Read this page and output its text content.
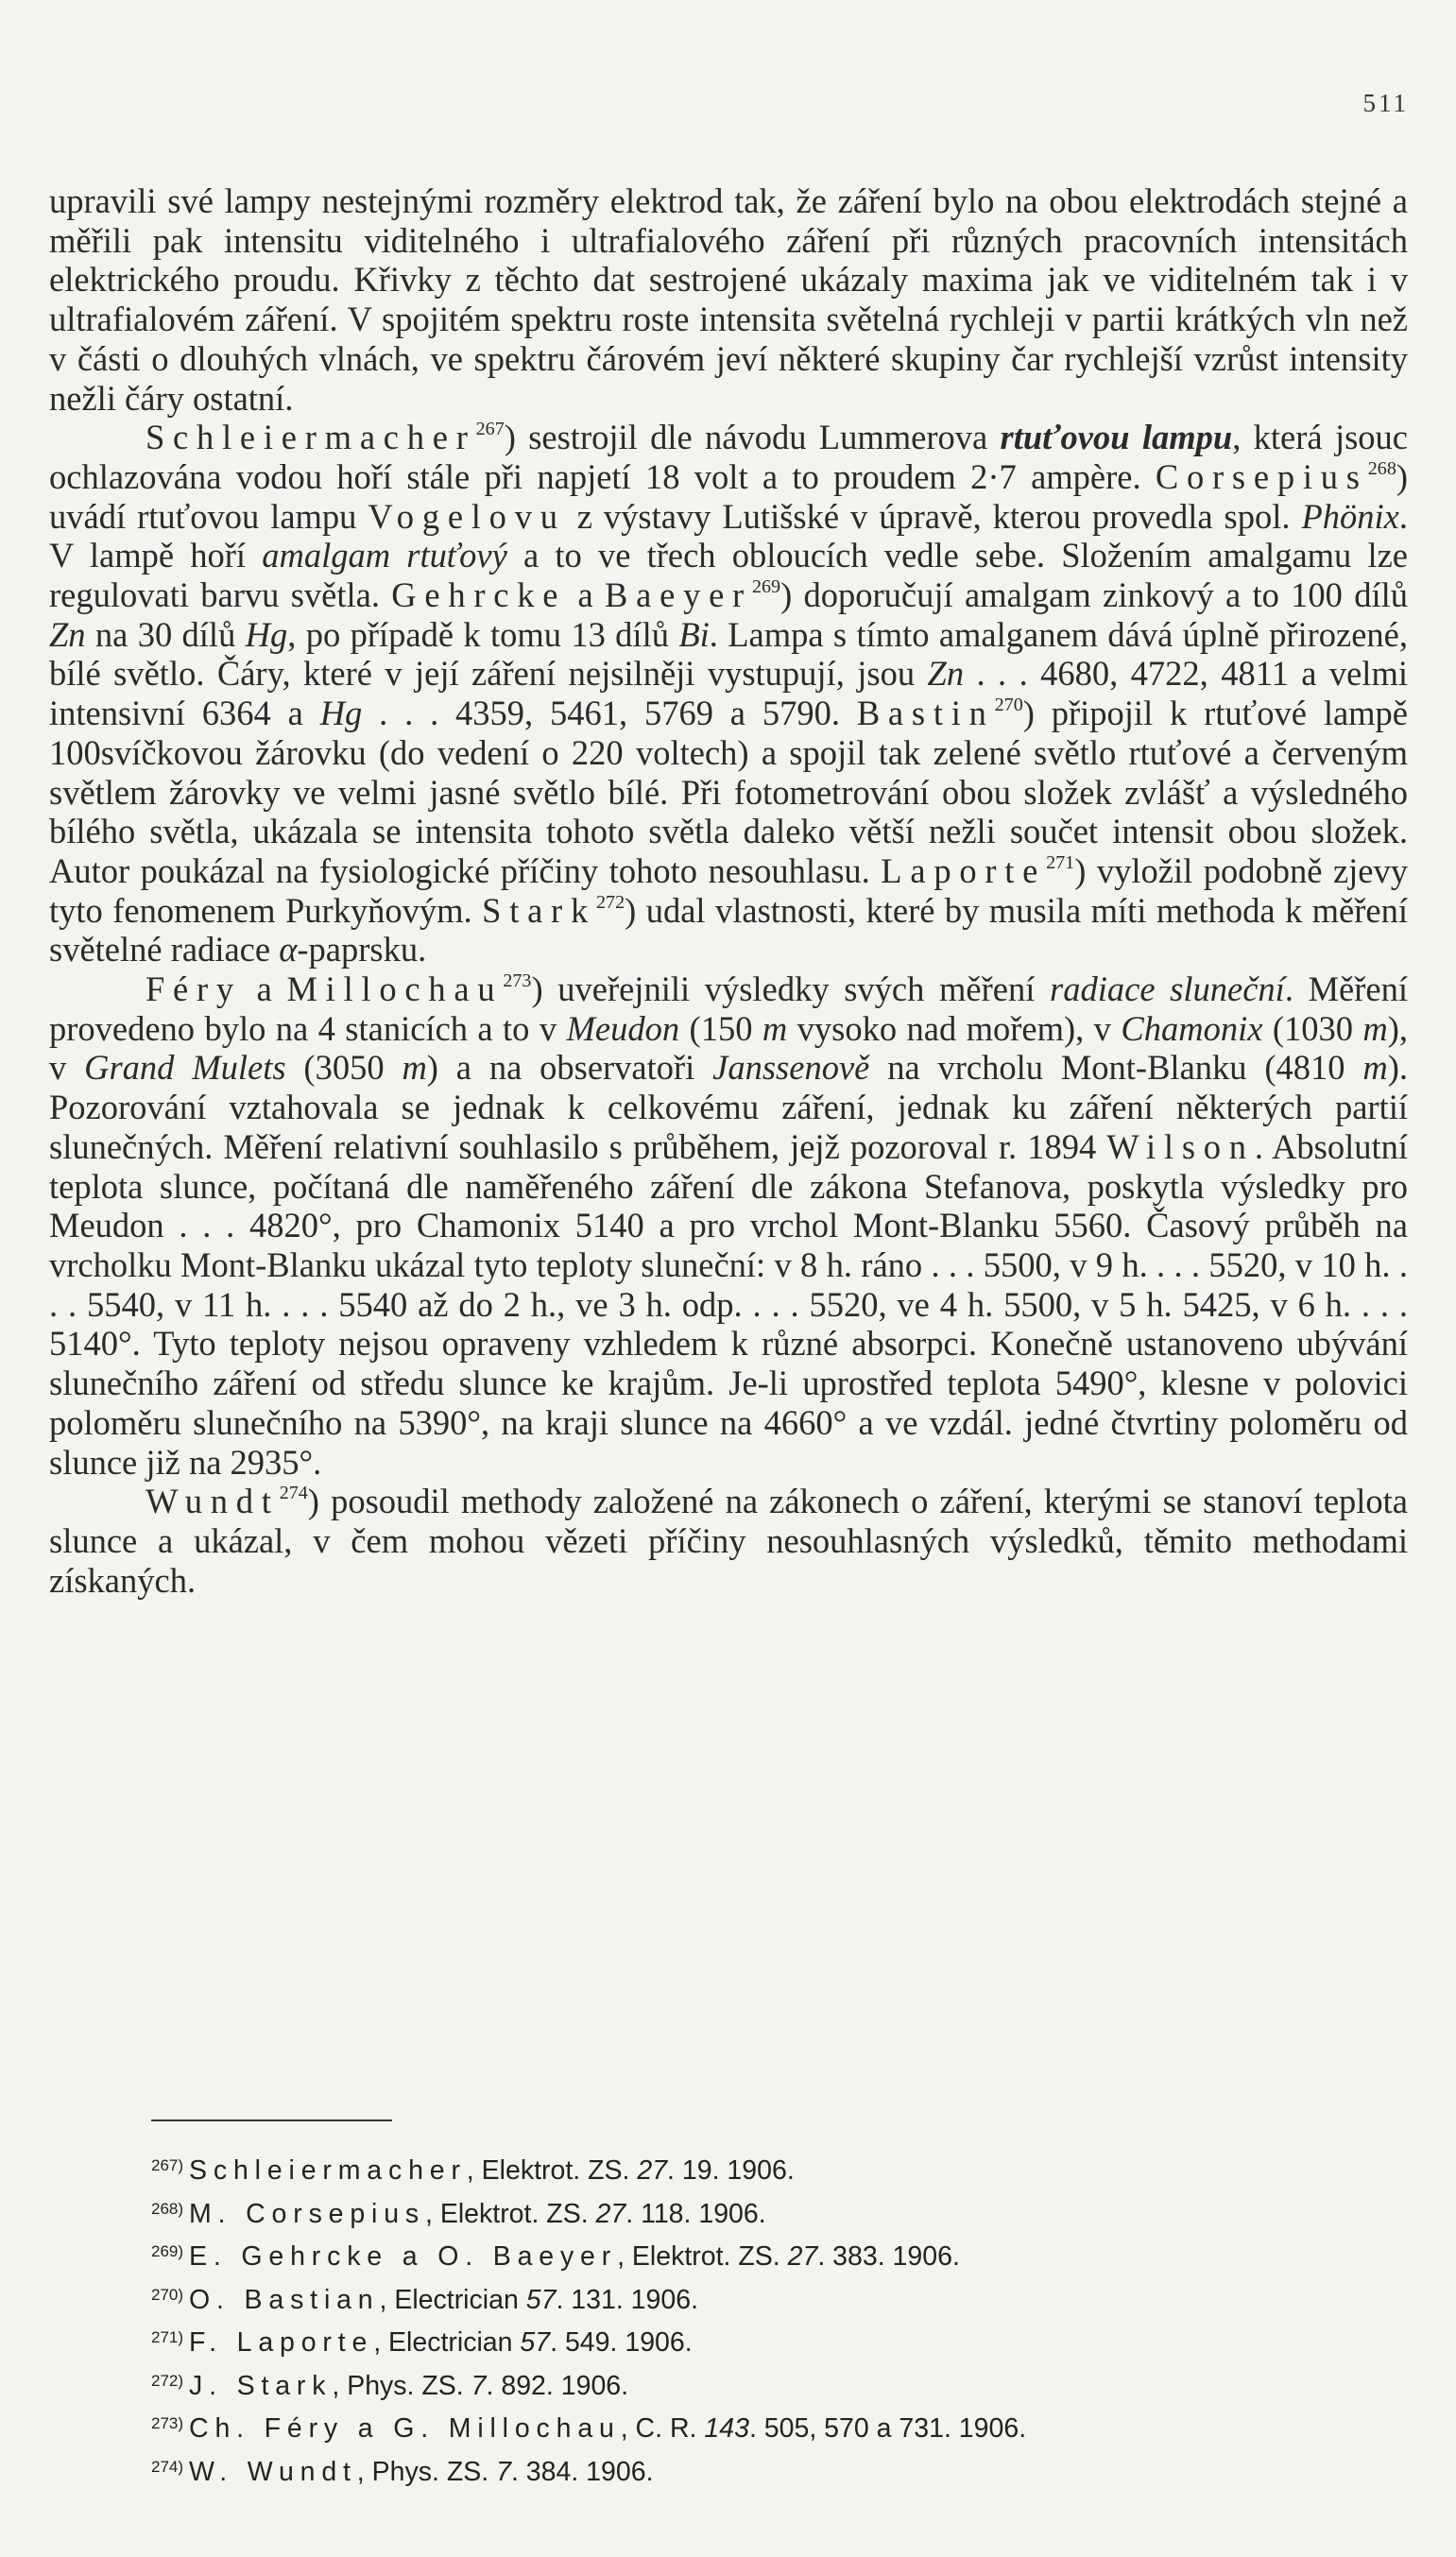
511

upravili své lampy nestejnými rozměry elektrod tak, že záření bylo na obou elektrodách stejné a měřili pak intensitu viditelného i ultrafialového záření při různých pracovních intensitách elektrického proudu. Křivky z těchto dat sestrojené ukázaly maxima jak ve viditelném tak i v ultrafialovém záření. V spojitém spektru roste intensita světelná rychleji v partii krátkých vln než v části o dlouhých vlnách, ve spektru čárovém jeví některé skupiny čar rychlejší vzrůst intensity nežli čáry ostatní.

Schleiermacher$^{267}$) sestrojil dle návodu Lummerova rtuťovou lampu, která jsouc ochlazována vodou hoří stále při napjetí 18 volt a to proudem 2·7 ampère. Corsepius$^{268}$) uvádí rtuťovou lampu Vogelovu z výstavy Lutišské v úpravě, kterou provedla spol. Phönix. V lampě hoří amalgam rtuťový a to ve třech obloucích vedle sebe. Složením amalgamu lze regulovati barvu světla. Gehrcke a Baeyer$^{269}$) doporučují amalgam zinkový a to 100 dílů Zn na 30 dílů Hg, po případě k tomu 13 dílů Bi. Lampa s tímto amalganem dává úplně přirozené, bílé světlo. Čáry, které v její záření nejsilněji vystupují, jsou Zn . . . 4680, 4722, 4811 a velmi intensivní 6364 a Hg . . . 4359, 5461, 5769 a 5790. Bastin$^{270}$) připojil k rtuťové lampě 100svíčkovou žárovku (do vedení o 220 voltech) a spojil tak zelené světlo rtuťové a červeným světlem žárovky ve velmi jasné světlo bílé. Při fotometrování obou složek zvlášť a výsledného bílého světla, ukázala se intensita tohoto světla daleko větší nežli součet intensit obou složek. Autor poukázal na fysiologické příčiny tohoto nesouhlasu. Laporte$^{271}$) vyložil podobně zjevy tyto fenomenem Purkyňovým. Stark$^{272}$) udal vlastnosti, které by musila míti methoda k měření světelné radiace α-paprsku.

Féry a Millochau$^{273}$) uveřejnili výsledky svých měření radiace sluneční. Měření provedeno bylo na 4 stanicích a to v Meudon (150 m vysoko nad mořem), v Chamonix (1030 m), v Grand Mulets (3050 m) a na observatoři Janssenově na vrcholu Mont-Blanku (4810 m). Pozorování vztahovala se jednak k celkovému záření, jednak ku záření některých partií slunečných. Měření relativní souhlasilo s průběhem, jejž pozoroval r. 1894 Wilson. Absolutní teplota slunce, počítaná dle naměřeného záření dle zákona Stefanova, poskytla výsledky pro Meudon . . . 4820°, pro Chamonix 5140 a pro vrchol Mont-Blanku 5560. Časový průběh na vrcholku Mont-Blanku ukázal tyto teploty sluneční: v 8 h. ráno . . . 5500, v 9 h. . . . 5520, v 10 h. . . . 5540, v 11 h. . . . 5540 až do 2 h., ve 3 h. odp. . . . 5520, ve 4 h. 5500, v 5 h. 5425, v 6 h. . . . 5140°. Tyto teploty nejsou opraveny vzhledem k různé absorpci. Konečně ustanoveno ubývání slunečního záření od středu slunce ke krajům. Je-li uprostřed teplota 5490°, klesne v polovici poloměru slunečního na 5390°, na kraji slunce na 4660° a ve vzdál. jedné čtvrtiny poloměru od slunce již na 2935°.

Wundt$^{274}$) posoudil methody založené na zákonech o záření, kterými se stanoví teplota slunce a ukázal, v čem mohou vězeti příčiny nesouhlasných výsledků, těmito methodami získaných.

$^{267)}$ Schleiermacher, Elektrot. ZS. 27. 19. 1906.
$^{268)}$ M. Corsepius, Elektrot. ZS. 27. 118. 1906.
$^{269)}$ E. Gehrcke a O. Baeyer, Elektrot. ZS. 27. 383. 1906.
$^{270)}$ O. Bastian, Electrician 57. 131. 1906.
$^{271)}$ F. Laporte, Electrician 57. 549. 1906.
$^{272)}$ J. Stark, Phys. ZS. 7. 892. 1906.
$^{273)}$ Ch. Féry a G. Millochau, C. R. 143. 505, 570 a 731. 1906.
$^{274)}$ W. Wundt, Phys. ZS. 7. 384. 1906.
